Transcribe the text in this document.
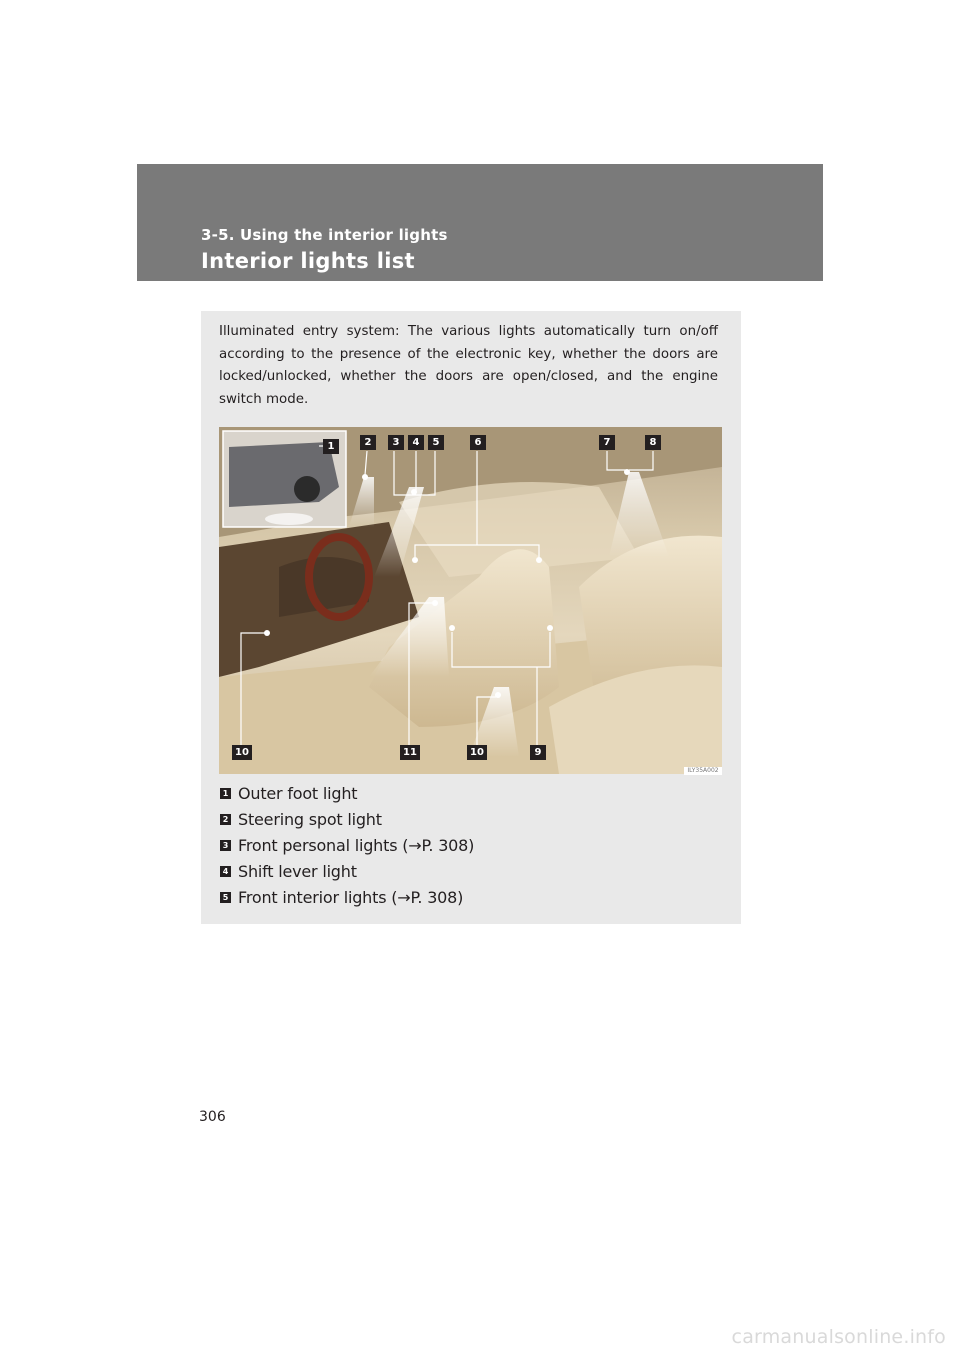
3-5. Using the interior lights
Interior lights list

Illuminated entry system: The various lights automatically turn on/off according to the presence of the electronic key, whether the doors are locked/unlocked, whether the doors are open/closed, and the engine switch mode.

1	2	3	4	5	6	7	8
10	11	10	9
ILY35A002
1 Outer foot light
2 Steering spot light
3 Front personal lights (→P. 308)
4 Shift lever light
5 Front interior lights (→P. 308)
306
carmanualsonline.info
